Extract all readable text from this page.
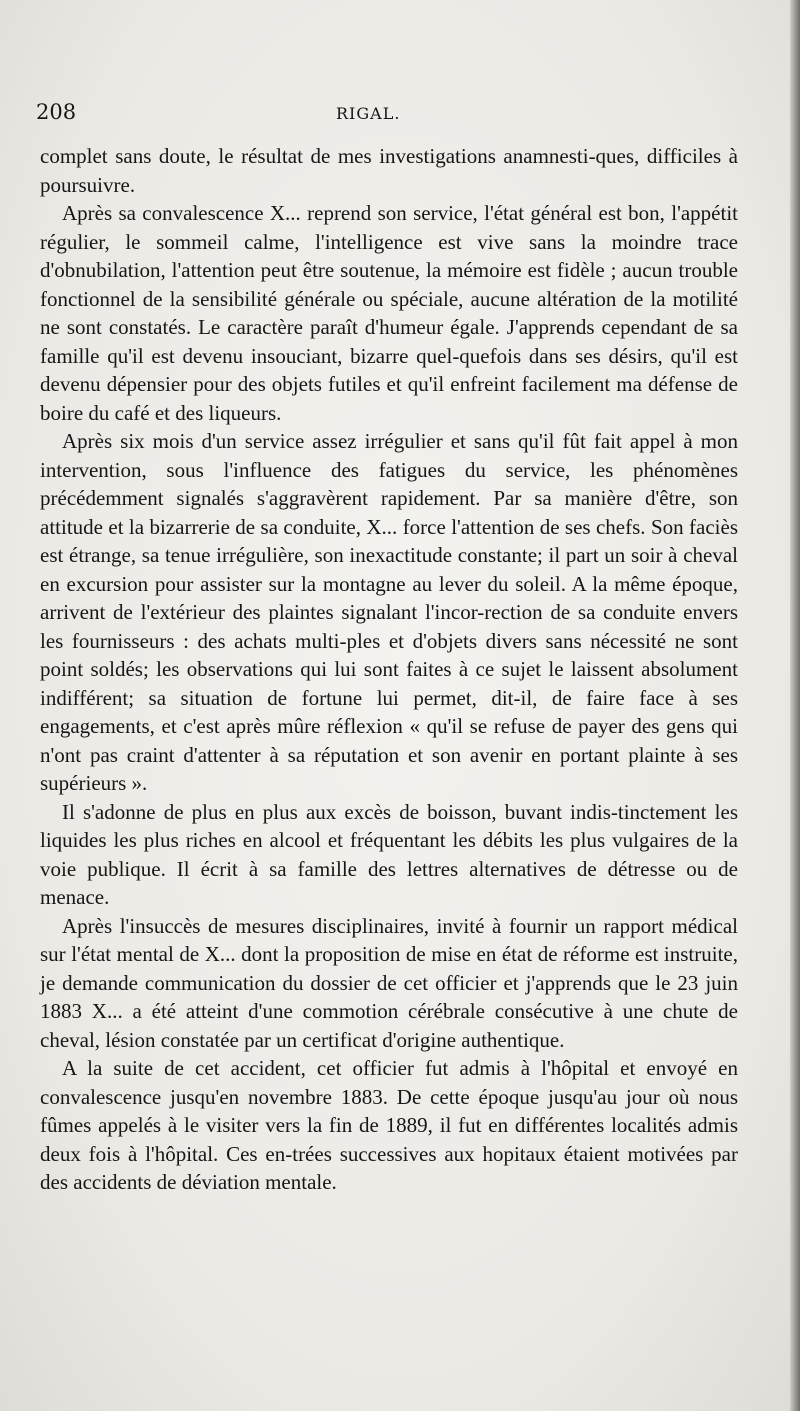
208	RIGAL.

complet sans doute, le résultat de mes investigations anamnesti-ques, difficiles à poursuivre.

Après sa convalescence X... reprend son service, l'état général est bon, l'appétit régulier, le sommeil calme, l'intelligence est vive sans la moindre trace d'obnubilation, l'attention peut être soutenue, la mémoire est fidèle ; aucun trouble fonctionnel de la sensibilité générale ou spéciale, aucune altération de la motilité ne sont constatés. Le caractère paraît d'humeur égale. J'apprends cependant de sa famille qu'il est devenu insouciant, bizarre quel-quefois dans ses désirs, qu'il est devenu dépensier pour des objets futiles et qu'il enfreint facilement ma défense de boire du café et des liqueurs.

Après six mois d'un service assez irrégulier et sans qu'il fût fait appel à mon intervention, sous l'influence des fatigues du service, les phénomènes précédemment signalés s'aggravèrent rapidement. Par sa manière d'être, son attitude et la bizarrerie de sa conduite, X... force l'attention de ses chefs. Son faciès est étrange, sa tenue irrégulière, son inexactitude constante; il part un soir à cheval en excursion pour assister sur la montagne au lever du soleil. A la même époque, arrivent de l'extérieur des plaintes signalant l'incor-rection de sa conduite envers les fournisseurs : des achats multi-ples et d'objets divers sans nécessité ne sont point soldés; les observations qui lui sont faites à ce sujet le laissent absolument indifférent; sa situation de fortune lui permet, dit-il, de faire face à ses engagements, et c'est après mûre réflexion « qu'il se refuse de payer des gens qui n'ont pas craint d'attenter à sa réputation et son avenir en portant plainte à ses supérieurs ».

Il s'adonne de plus en plus aux excès de boisson, buvant indis-tinctement les liquides les plus riches en alcool et fréquentant les débits les plus vulgaires de la voie publique. Il écrit à sa famille des lettres alternatives de détresse ou de menace.

Après l'insuccès de mesures disciplinaires, invité à fournir un rapport médical sur l'état mental de X... dont la proposition de mise en état de réforme est instruite, je demande communication du dossier de cet officier et j'apprends que le 23 juin 1883 X... a été atteint d'une commotion cérébrale consécutive à une chute de cheval, lésion constatée par un certificat d'origine authentique.

A la suite de cet accident, cet officier fut admis à l'hôpital et envoyé en convalescence jusqu'en novembre 1883. De cette époque jusqu'au jour où nous fûmes appelés à le visiter vers la fin de 1889, il fut en différentes localités admis deux fois à l'hôpital. Ces en-trées successives aux hopitaux étaient motivées par des accidents de déviation mentale.
